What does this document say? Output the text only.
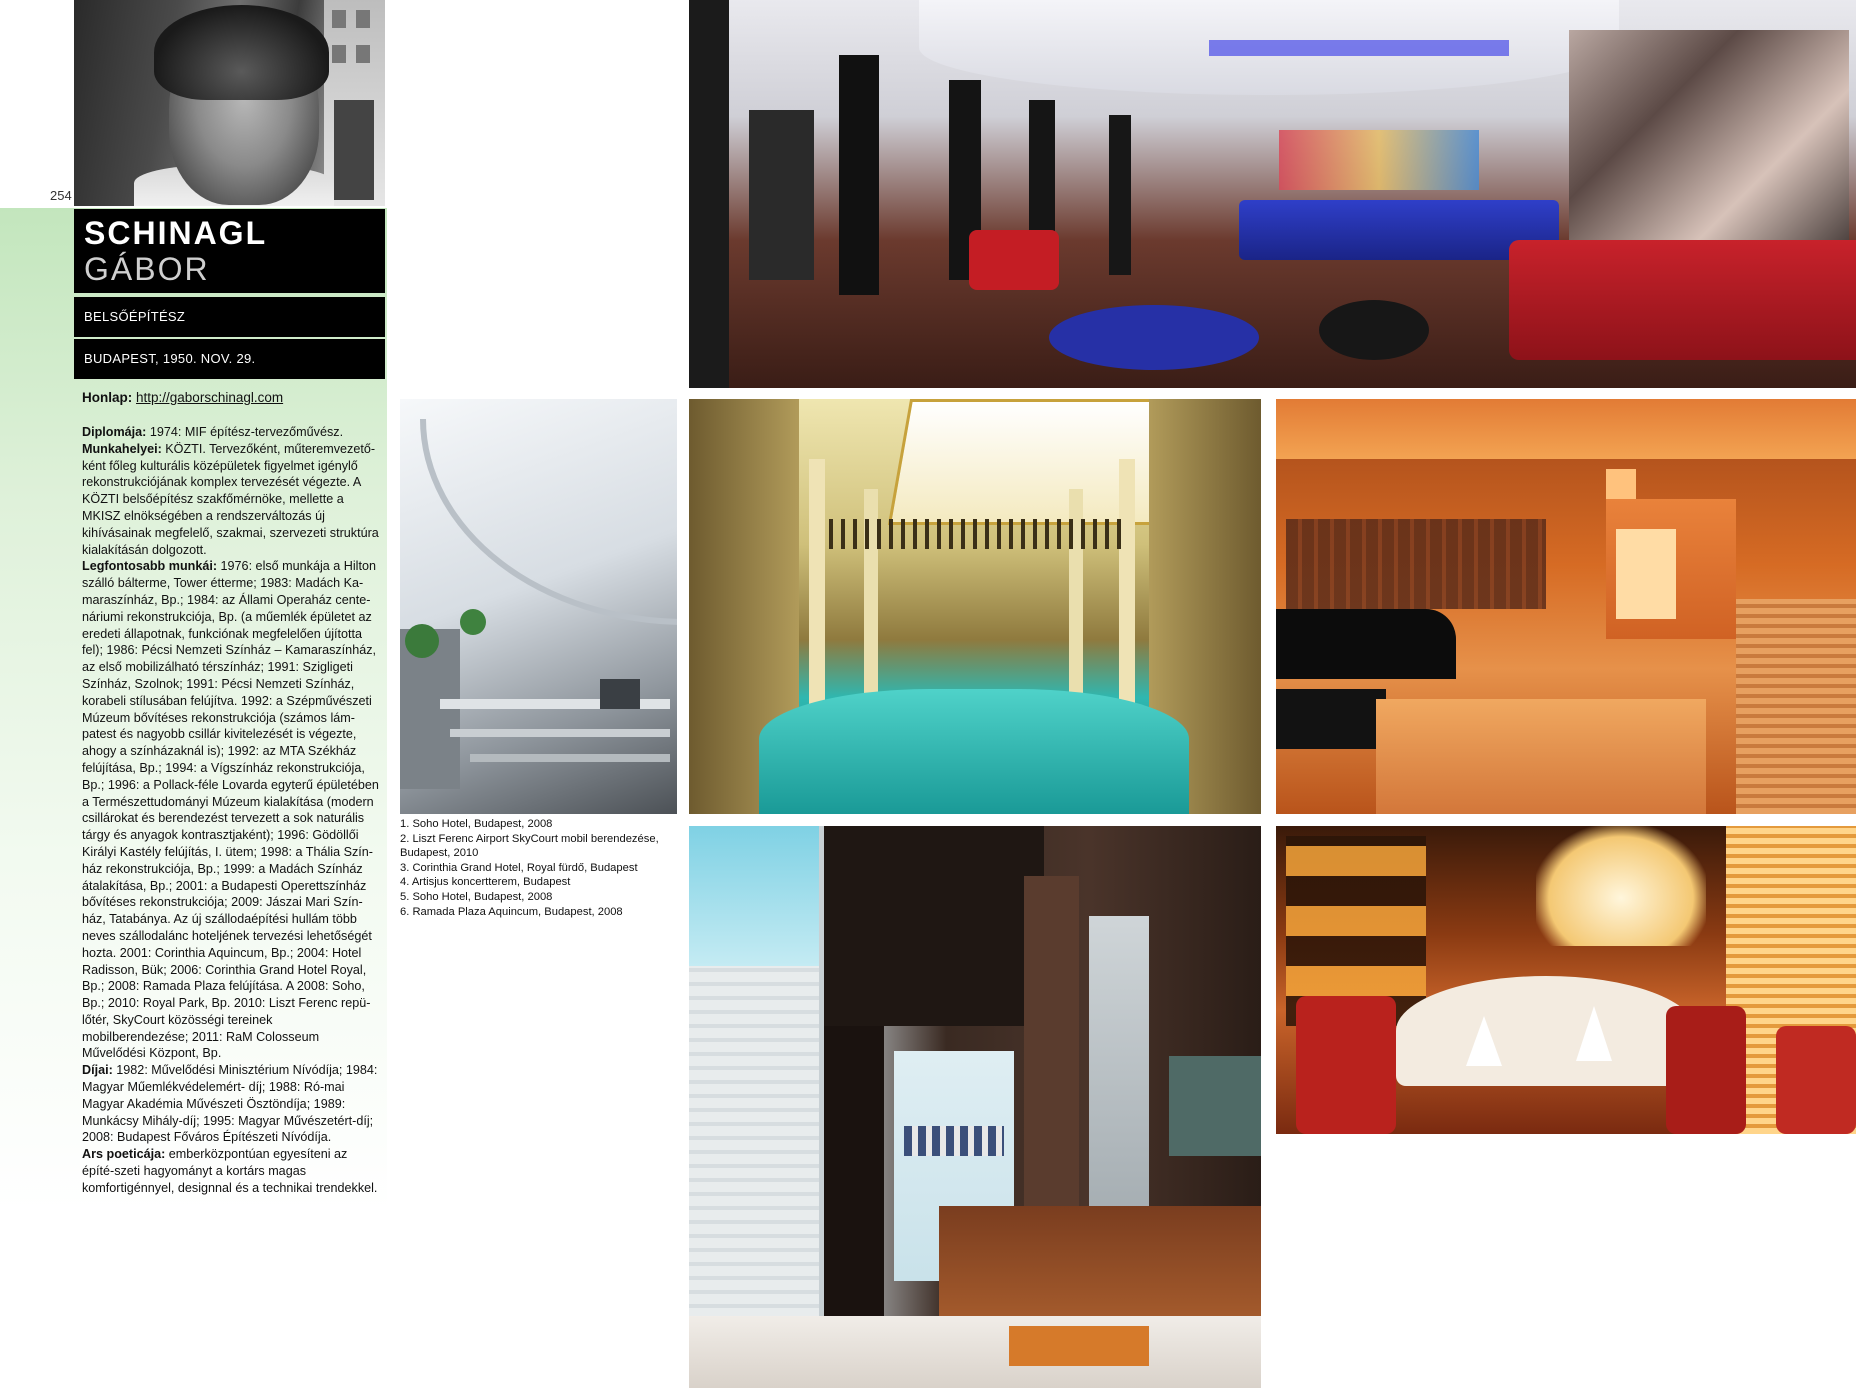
254
SCHINAGL
GÁBOR
BELSŐÉPÍTÉSZ
BUDAPEST, 1950. NOV. 29.
Honlap: http://gaborschinagl.com

Diplomája: 1974: MIF építész-tervezőművész.

Munkahelyei: KÖZTI. Tervezőként, műteremvezető-ként főleg kulturális középületek figyelmet igénylő rekonstrukciójának komplex tervezését végezte. A KÖZTI belsőépítész szakfőmérnöke, mellette a MKISZ elnökségében a rendszerváltozás új kihívásainak megfelelő, szakmai, szervezeti struktúra kialakításán dolgozott.

Legfontosabb munkái: 1976: első munkája a Hilton szálló bálterme, Tower étterme; 1983: Madách Ka-maraszínház, Bp.; 1984: az Állami Operaház cente-náriumi rekonstrukciója, Bp. (a műemlék épületet az eredeti állapotnak, funkciónak megfelelően újította fel); 1986: Pécsi Nemzeti Színház – Kamaraszínház, az első mobilizálható térszínház; 1991: Szigligeti Színház, Szolnok; 1991: Pécsi Nemzeti Színház, korabeli stílusában felújítva. 1992: a Szépművészeti Múzeum bővítéses rekonstrukciója (számos lám-patest és nagyobb csillár kivitelezését is végezte, ahogy a színházaknál is); 1992: az MTA Székház felújítása, Bp.; 1994: a Vígszínház rekonstrukciója, Bp.; 1996: a Pollack-féle Lovarda egyterű épületében a Természettudományi Múzeum kialakítása (modern csillárokat és berendezést tervezett a sok naturális tárgy és anyagok kontrasztjaként); 1996: Gödöllői Királyi Kastély felújítás, I. ütem; 1998: a Thália Szín-ház rekonstrukciója, Bp.; 1999: a Madách Színház átalakítása, Bp.; 2001: a Budapesti Operettszínház bővítéses rekonstrukciója; 2009: Jászai Mari Szín-ház, Tatabánya. Az új szállodaépítési hullám több neves szállodalánc hoteljének tervezési lehetőségét hozta. 2001: Corinthia Aquincum, Bp.; 2004: Hotel Radisson, Bük; 2006: Corinthia Grand Hotel Royal, Bp.; 2008: Ramada Plaza felújítása. A 2008: Soho, Bp.; 2010: Royal Park, Bp. 2010: Liszt Ferenc repü-lőtér, SkyCourt közösségi tereinek mobilberendezése; 2011: RaM Colosseum Művelődési Központ, Bp.

Díjai: 1982: Művelődési Minisztérium Nívódíja; 1984: Magyar Műemlékvédelemért- díj; 1988: Ró-mai Magyar Akadémia Művészeti Ösztöndíja; 1989: Munkácsy Mihály-díj; 1995: Magyar Művészetért-díj; 2008: Budapest Főváros Építészeti Nívódíja.

Ars poeticája: emberközpontúan egyesíteni az építé-szeti hagyományt a kortárs magas komfortigénnyel, designnal és a technikai trendekkel.

1. Soho Hotel, Budapest, 2008
2. Liszt Ferenc Airport SkyCourt mobil berendezése, Budapest, 2010
3. Corinthia Grand Hotel, Royal fürdő, Budapest
4. Artisjus koncertterem, Budapest
5. Soho Hotel, Budapest, 2008
6. Ramada Plaza Aquincum, Budapest, 2008
